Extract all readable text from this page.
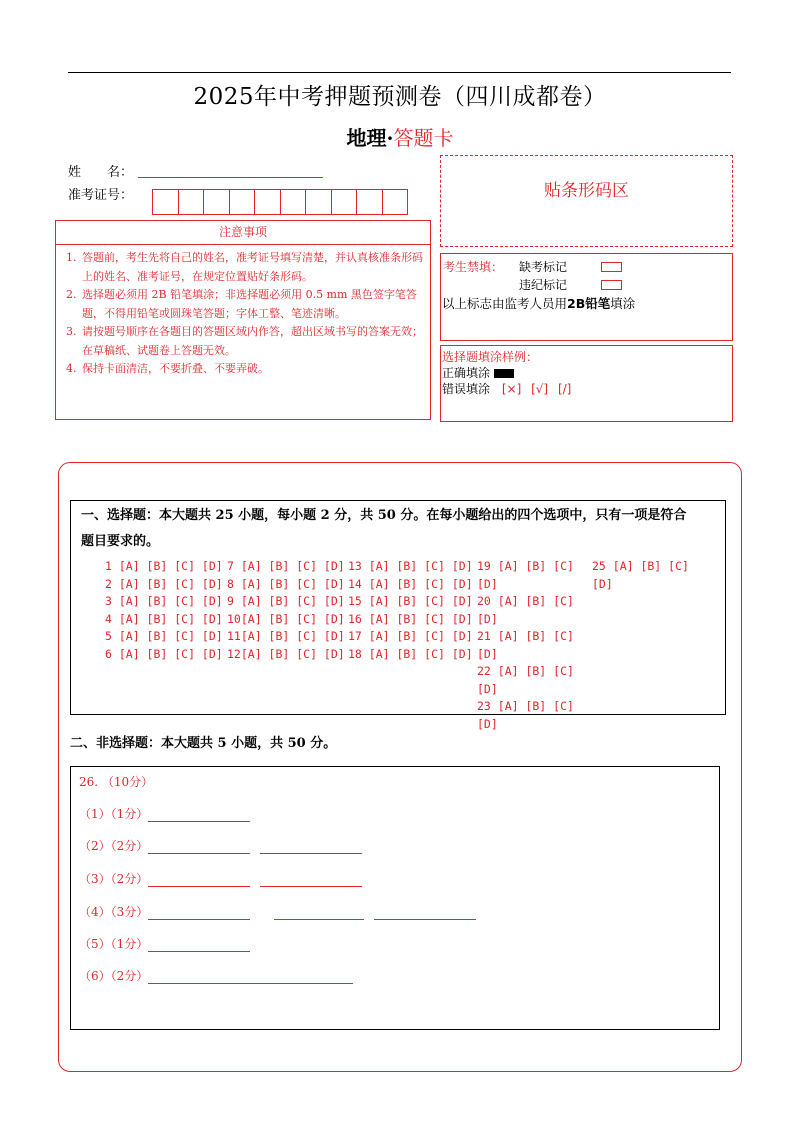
2025年中考押题预测卷（四川成都卷）
地理·答题卡
姓　　名：
准考证号：	贴条形码区
注意事项
1. 答题前，考生先将自己的姓名，准考证号填写清楚，并认真核准条形码上的姓名、准考证号，在规定位置贴好条形码。
2. 选择题必须用 2B 铅笔填涂；非选择题必须用 0.5 mm 黑色签字笔答题，不得用铅笔或圆珠笔答题；字体工整、笔迹清晰。
3. 请按题号顺序在各题目的答题区域内作答，超出区域书写的答案无效；在草稿纸、试题卷上答题无效。
4. 保持卡面清洁，不要折叠、不要弄破。
考生禁填： 缺考标记
违纪标记
以上标志由监考人员用2B铅笔填涂
选择题填涂样例：
正确填涂
错误填涂 [×] [√] [/]
一、选择题：本大题共 25 小题，每小题 2 分，共 50 分。在每小题给出的四个选项中，只有一项是符合
题目要求的。
1 [A] [B] [C] [D]
2 [A] [B] [C] [D]
3 [A] [B] [C] [D]
4 [A] [B] [C] [D]
5 [A] [B] [C] [D]
6 [A] [B] [C] [D]
7 [A] [B] [C] [D]
8 [A] [B] [C] [D]
9 [A] [B] [C] [D]
10[A] [B] [C] [D]
11[A] [B] [C] [D]
12[A] [B] [C] [D]
13 [A] [B] [C] [D]
14 [A] [B] [C] [D]
15 [A] [B] [C] [D]
16 [A] [B] [C] [D]
17 [A] [B] [C] [D]
18 [A] [B] [C] [D]
19 [A] [B] [C]
[D]
20 [A] [B] [C]
[D]
21 [A] [B] [C]
[D]
22 [A] [B] [C]
[D]
23 [A] [B] [C]
[D]
25 [A] [B] [C]
[D]
二、非选择题：本大题共 5 小题，共 50 分。
26. （10分）
（1）（1分）
（2）（2分）
（3）（2分）
（4）（3分）
（5）（1分）
（6）（2分）
